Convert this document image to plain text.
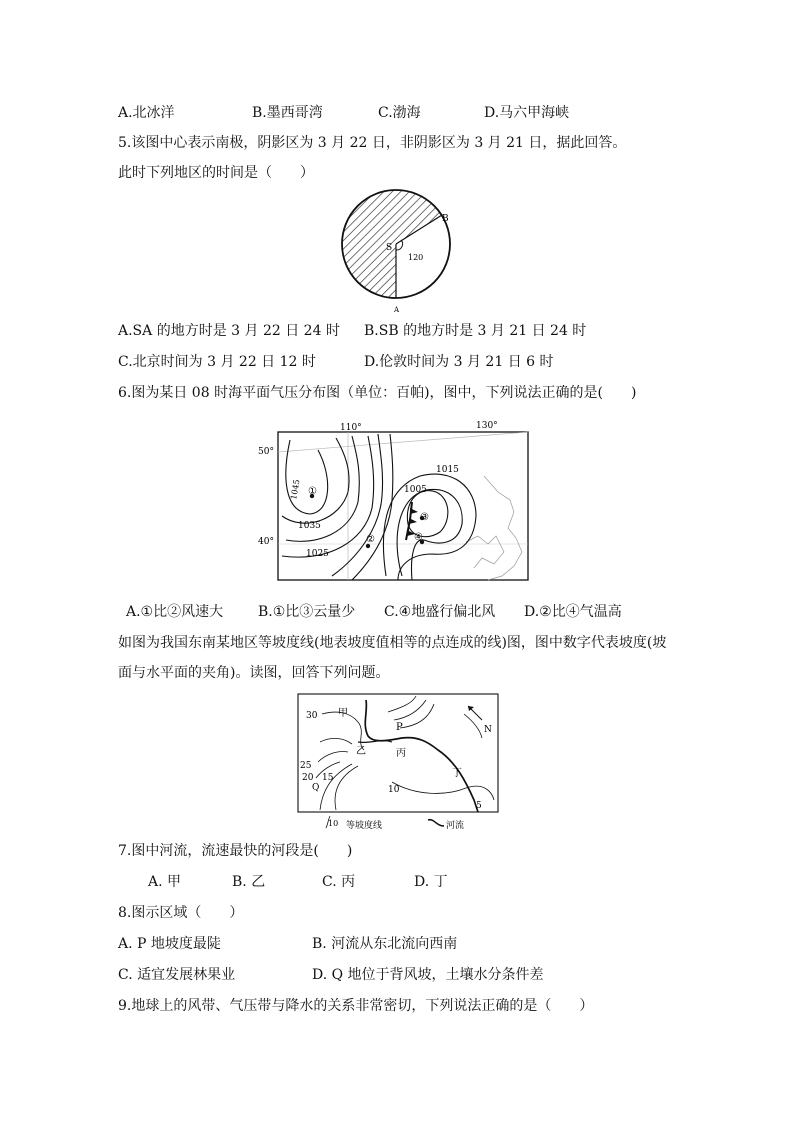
A.北冰洋	B.墨西哥湾	C.渤海	D.马六甲海峡
5.该图中心表示南极，阴影区为 3 月 22 日，非阴影区为 3 月 21 日，据此回答。
此时下列地区的时间是（　　）
S
B
A
120
A.SA 的地方时是 3 月 22 日 24 时 B.SB 的地方时是 3 月 21 日 24 时
C.北京时间为 3 月 22 日 12 时	D.伦敦时间为 3 月 21 日 6 时
6.图为某日 08 时海平面气压分布图（单位：百帕)，图中，下列说法正确的是(　　)
110°	130°
50°
40°
1045
1035
1025
1015
1005
①
②
③
④
A.①比②风速大 B.①比③云量少 C.④地盛行偏北风 D.②比④气温高
如图为我国东南某地区等坡度线(地表坡度值相等的点连成的线)图，图中数字代表坡度(坡
面与水平面的夹角)。读图，回答下列问题。
30 甲
P
乙	丙
丁
N
25
20 15
Q	10
5
10 等坡度线	河流
7.图中河流，流速最快的河段是(　　)
A. 甲	B. 乙	C. 丙	D. 丁
8.图示区域（　　）
A. P 地坡度最陡	B. 河流从东北流向西南
C. 适宜发展林果业	D. Q 地位于背风坡，土壤水分条件差
9.地球上的风带、气压带与降水的关系非常密切，下列说法正确的是（　　）
